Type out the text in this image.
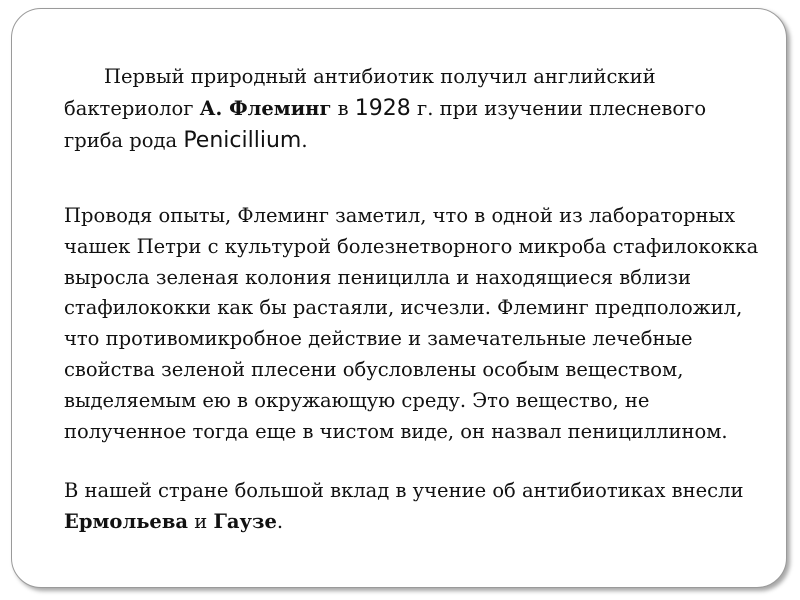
Первый природный антибиотик получил английский бактериолог А. Флеминг в 1928 г. при изучении плесневого гриба рода Penicillium.

Проводя опыты, Флеминг заметил, что в одной из лабораторных чашек Петри с культурой болезнетворного микроба стафилококка выросла зеленая колония пеницилла и находящиеся вблизи стафилококки как бы растаяли, исчезли. Флеминг предположил, что противомикробное действие и замечательные лечебные свойства зеленой плесени обусловлены особым веществом, выделяемым ею в окружающую среду. Это вещество, не полученное тогда еще в чистом виде, он назвал пенициллином.

В нашей стране большой вклад в учение об антибиотиках внесли Ермольева и Гаузе.
